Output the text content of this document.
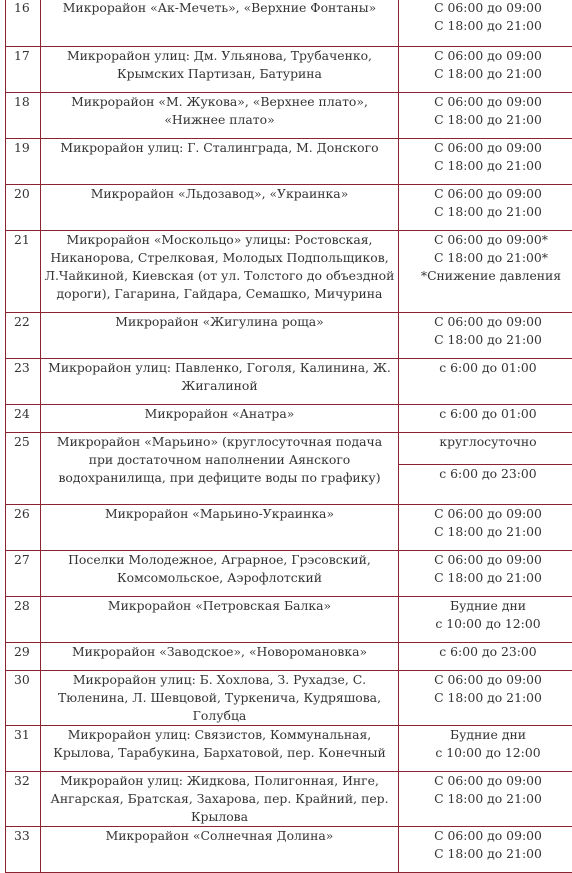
16	Микрорайон «Ак-Мечеть», «Верхние Фонтаны»	С 06:00 до 09:00
С 18:00 до 21:00

17	Микрорайон улиц: Дм. Ульянова, Трубаченко, Крымских Партизан, Батурина	С 06:00 до 09:00
С 18:00 до 21:00

18	Микрорайон «М. Жукова», «Верхнее плато», «Нижнее плато»	С 06:00 до 09:00
С 18:00 до 21:00

19	Микрорайон улиц: Г. Сталинграда, М. Донского	С 06:00 до 09:00
С 18:00 до 21:00

20	Микрорайон «Льдозавод», «Украинка»	С 06:00 до 09:00
С 18:00 до 21:00

21	Микрорайон «Москольцо» улицы: Ростовская, Никанорова, Стрелковая, Молодых Подпольщиков, Л.Чайкиной, Киевская (от ул. Толстого до объездной дороги), Гагарина, Гайдара, Семашко, Мичурина	С 06:00 до 09:00*
С 18:00 до 21:00*
*Снижение давления

22	Микрорайон «Жигулина роща»	С 06:00 до 09:00
С 18:00 до 21:00

23	Микрорайон улиц: Павленко, Гоголя, Калинина, Ж. Жигалиной	с 6:00 до 01:00

24	Микрорайон «Анатра»	с 6:00 до 01:00

25	Микрорайон «Марьино» (круглосуточная подача при достаточном наполнении Аянского водохранилища, при дефиците воды по графику)	круглосуточно
с 6:00 до 23:00

26	Микрорайон «Марьино-Украинка»	С 06:00 до 09:00
С 18:00 до 21:00

27	Поселки Молодежное, Аграрное, Грэсовский, Комсомольское, Аэрофлотский	С 06:00 до 09:00
С 18:00 до 21:00

28	Микрорайон «Петровская Балка»	Будние дни
с 10:00 до 12:00

29	Микрорайон «Заводское», «Новоромановка»	с 6:00 до 23:00

30	Микрорайон улиц: Б. Хохлова, З. Рухадзе, С. Тюленина, Л. Шевцовой, Туркенича, Кудряшова, Голубца	С 06:00 до 09:00
С 18:00 до 21:00

31	Микрорайон улиц: Связистов, Коммунальная, Крылова, Тарабукина, Бархатовой, пер. Конечный	Будние дни
с 10:00 до 12:00

32	Микрорайон улиц: Жидкова, Полигонная, Инге, Ангарская, Братская, Захарова, пер. Крайний, пер. Крылова	С 06:00 до 09:00
С 18:00 до 21:00

33	Микрорайон «Солнечная Долина»	С 06:00 до 09:00
С 18:00 до 21:00
